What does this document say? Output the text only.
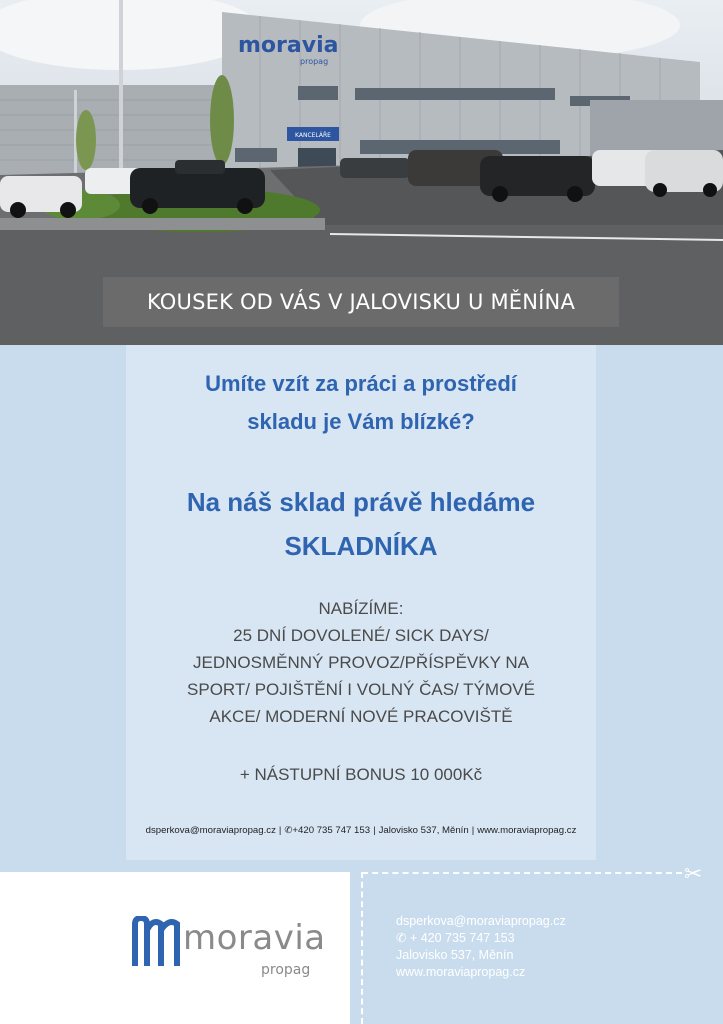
KANCELÁŘE
moravia
propag
KOUSEK OD VÁS V JALOVISKU U MĚNÍNA
Umíte vzít za práci a prostředí
skladu je Vám blízké?
Na náš sklad právě hledáme
SKLADNÍKA
NABÍZÍME:
25 DNÍ DOVOLENÉ/ SICK DAYS/
JEDNOSMĚNNÝ PROVOZ/PŘÍSPĚVKY NA
SPORT/ POJIŠTĚNÍ I VOLNÝ ČAS/ TÝMOVÉ
AKCE/ MODERNÍ NOVÉ PRACOVIŠTĚ
+ NÁSTUPNÍ BONUS 10 000Kč
dsperkova@moraviapropag.cz | ✆+420 735 747 153 | Jalovisko 537, Měnín | www.moraviapropag.cz
moravia
propag
✂
dsperkova@moraviapropag.cz
✆ + 420 735 747 153
Jalovisko 537, Měnín
www.moraviapropag.cz
